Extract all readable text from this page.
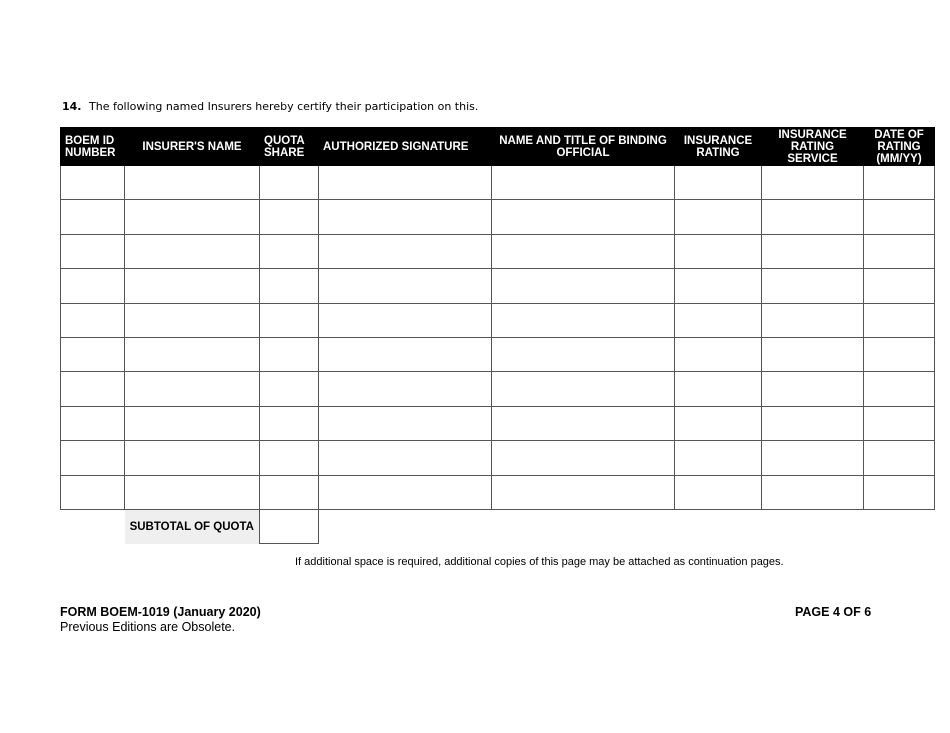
14. The following named Insurers hereby certify their participation on this.
BOEM ID NUMBER	INSURER'S NAME	QUOTA SHARE	AUTHORIZED SIGNATURE	NAME AND TITLE OF BINDING OFFICIAL	INSURANCE RATING	INSURANCE RATING SERVICE	DATE OF RATING (MM/YY)

	SUBTOTAL OF QUOTA						
If additional space is required, additional copies of this page may be attached as continuation pages.
FORM BOEM-1019 (January 2020)
Previous Editions are Obsolete.
PAGE 4 OF 6
